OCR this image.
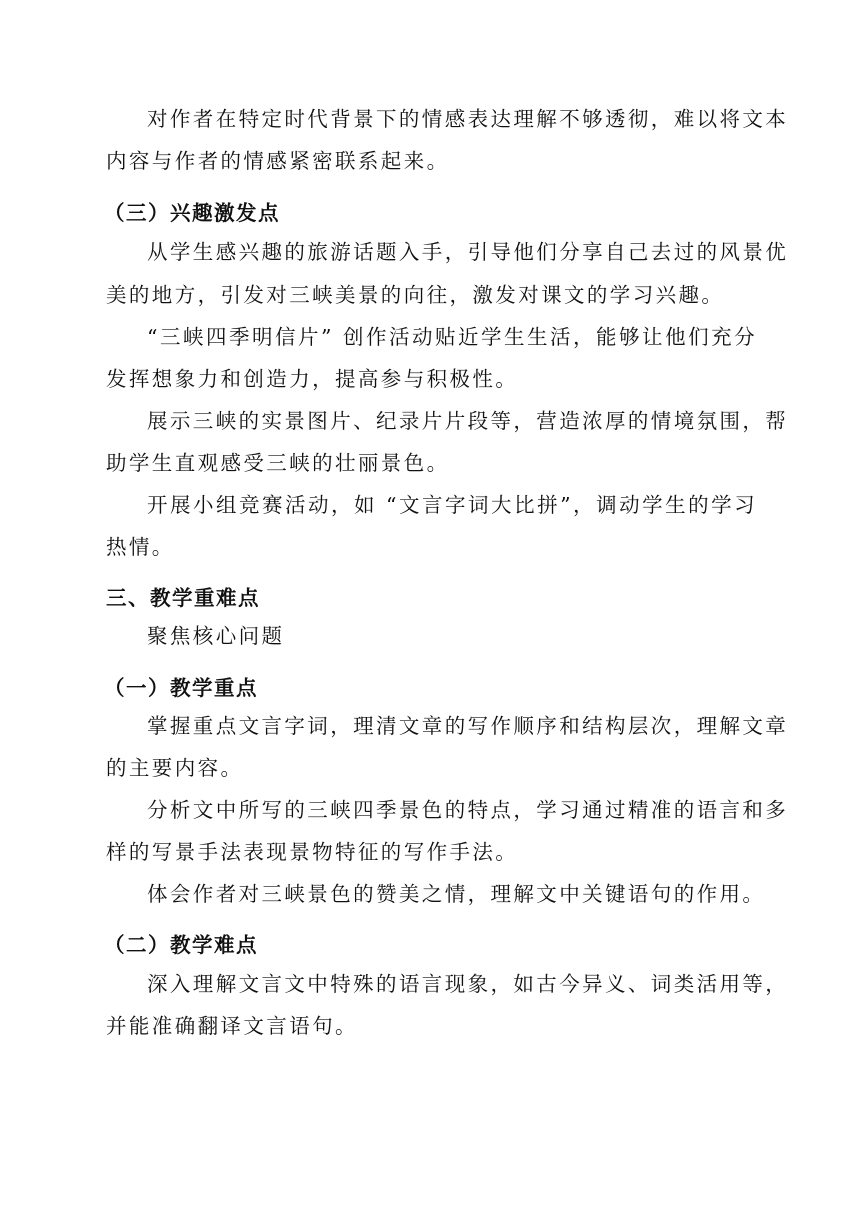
对作者在特定时代背景下的情感表达理解不够透彻，难以将文本
内容与作者的情感紧密联系起来。
（三）兴趣激发点
从学生感兴趣的旅游话题入手，引导他们分享自己去过的风景优
美的地方，引发对三峡美景的向往，激发对课文的学习兴趣。
“三峡四季明信片” 创作活动贴近学生生活，能够让他们充分
发挥想象力和创造力，提高参与积极性。
展示三峡的实景图片、纪录片片段等，营造浓厚的情境氛围，帮
助学生直观感受三峡的壮丽景色。
开展小组竞赛活动，如 “文言字词大比拼”，调动学生的学习
热情。
三、教学重难点
聚焦核心问题
（一）教学重点
掌握重点文言字词，理清文章的写作顺序和结构层次，理解文章
的主要内容。
分析文中所写的三峡四季景色的特点，学习通过精准的语言和多
样的写景手法表现景物特征的写作手法。
体会作者对三峡景色的赞美之情，理解文中关键语句的作用。
（二）教学难点
深入理解文言文中特殊的语言现象，如古今异义、词类活用等，
并能准确翻译文言语句。
